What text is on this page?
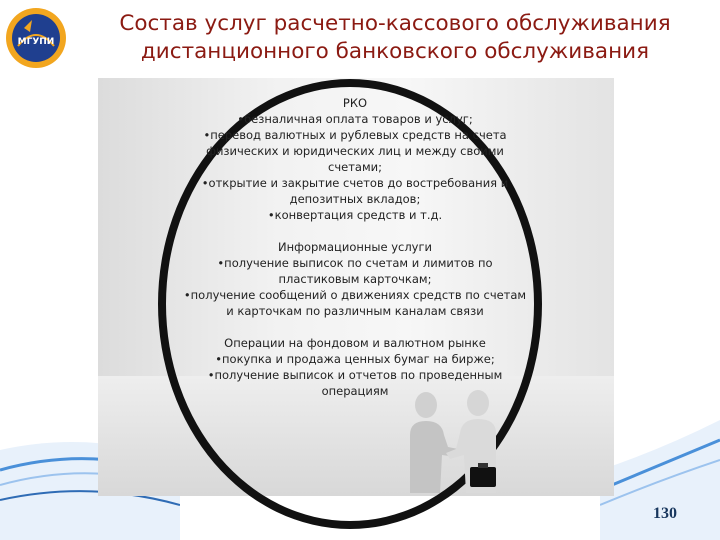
МГУПИ
Состав услуг расчетно-кассового обслуживания
дистанционного банковского обслуживания
РКО
•безналичная оплата товаров и услуг;
•перевод валютных и рублевых средств на счета
физических и юридических лиц и между своими
счетами;
•открытие и закрытие счетов до востребования и
депозитных вкладов;
•конвертация средств и т.д.
Информационные услуги
•получение выписок по счетам и лимитов по
пластиковым карточкам;
•получение сообщений о движениях средств по счетам
и карточкам по различным каналам связи
Операции на фондовом и валютном рынке
•покупка и продажа ценных бумаг на бирже;
•получение выписок и отчетов по проведенным
операциям
130
